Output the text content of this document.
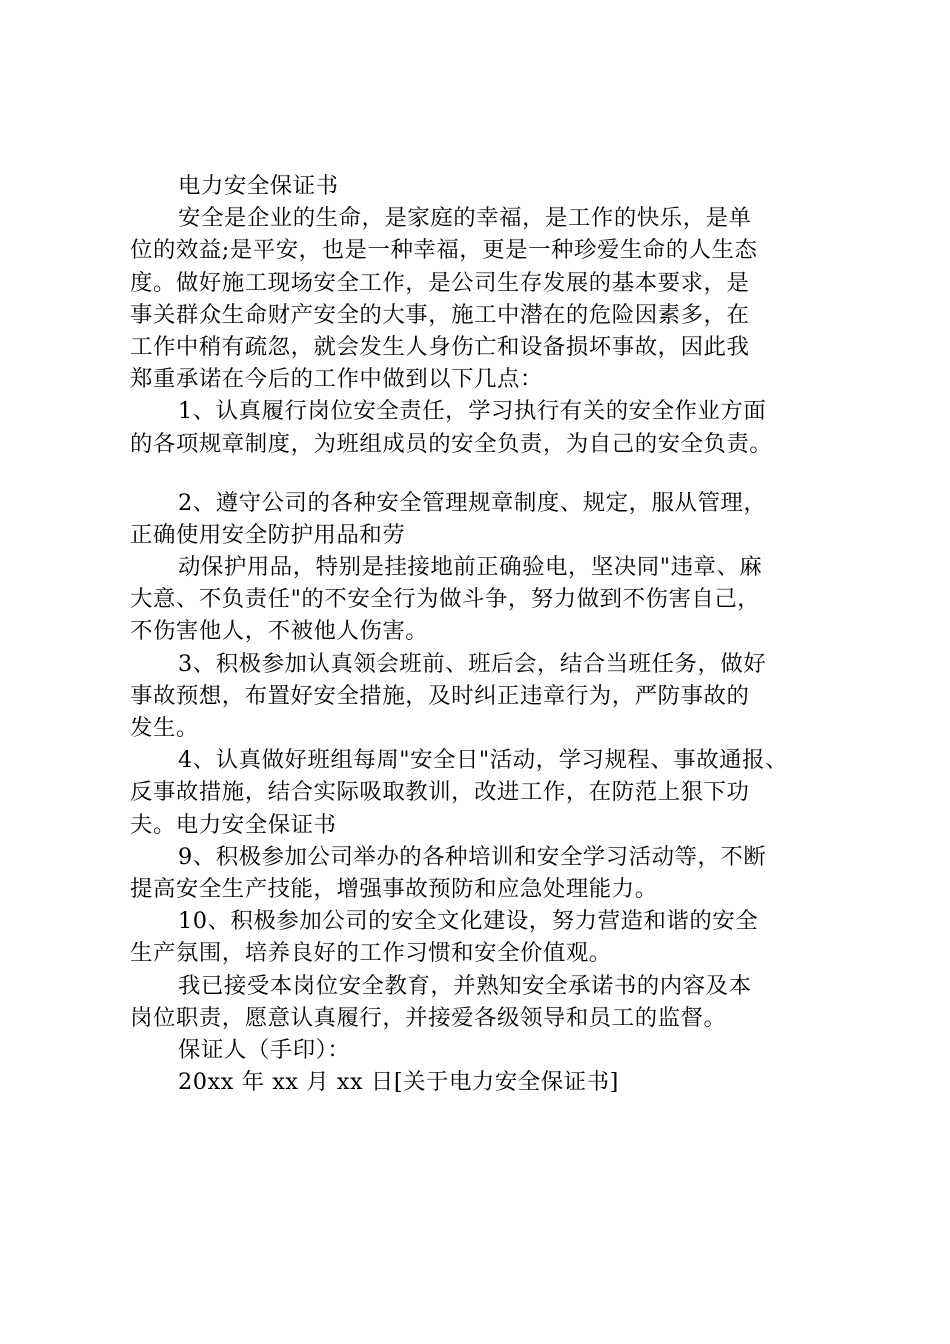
电力安全保证书
安全是企业的生命，是家庭的幸福，是工作的快乐，是单
位的效益;是平安，也是一种幸福，更是一种珍爱生命的人生态
度。做好施工现场安全工作，是公司生存发展的基本要求，是
事关群众生命财产安全的大事，施工中潜在的危险因素多，在
工作中稍有疏忽，就会发生人身伤亡和设备损坏事故，因此我
郑重承诺在今后的工作中做到以下几点：
1、认真履行岗位安全责任，学习执行有关的安全作业方面
的各项规章制度，为班组成员的安全负责，为自己的安全负责。
2、遵守公司的各种安全管理规章制度、规定，服从管理，
正确使用安全防护用品和劳
动保护用品，特别是挂接地前正确验电，坚决同"违章、麻
大意、不负责任"的不安全行为做斗争，努力做到不伤害自己，
不伤害他人，不被他人伤害。
3、积极参加认真领会班前、班后会，结合当班任务，做好
事故预想，布置好安全措施，及时纠正违章行为，严防事故的
发生。
4、认真做好班组每周"安全日"活动，学习规程、事故通报、
反事故措施，结合实际吸取教训，改进工作，在防范上狠下功
夫。电力安全保证书
9、积极参加公司举办的各种培训和安全学习活动等，不断
提高安全生产技能，增强事故预防和应急处理能力。
10、积极参加公司的安全文化建设，努力营造和谐的安全
生产氛围，培养良好的工作习惯和安全价值观。
我已接受本岗位安全教育，并熟知安全承诺书的内容及本
岗位职责，愿意认真履行，并接爱各级领导和员工的监督。
保证人（手印）：
20xx 年 xx 月 xx 日[关于电力安全保证书]
